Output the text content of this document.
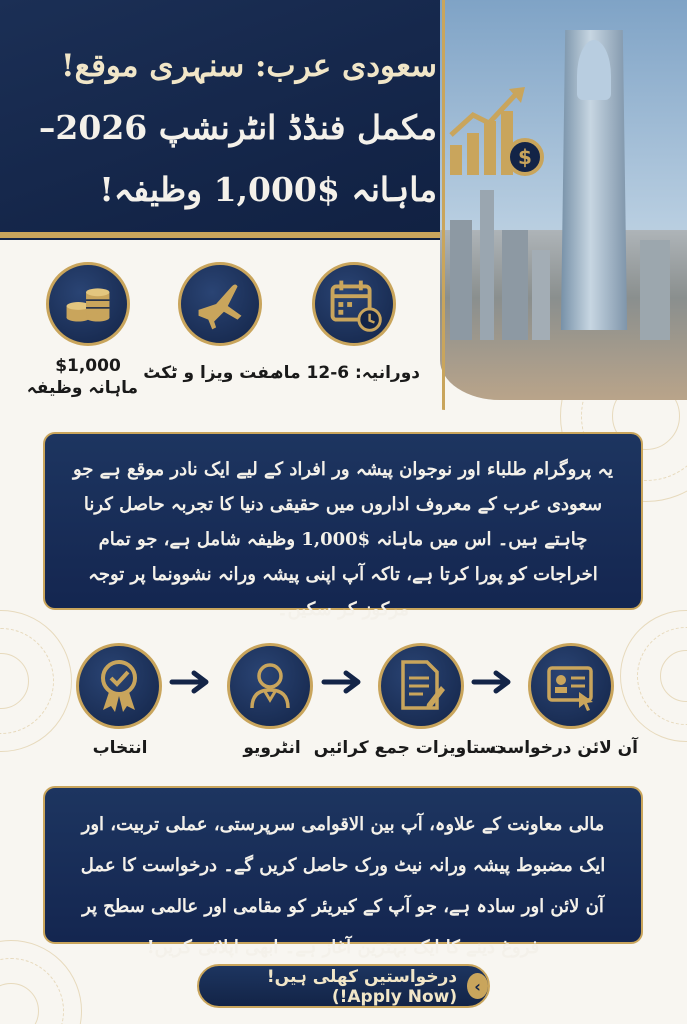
سعودی عرب: سنہری موقع!
مکمل فنڈڈ انٹرنشپ 2026–
ماہانہ $1,000 وظیفہ!
$
$1,000
ماہانہ وظیفہ
مفت ویزا و ٹکٹ
دورانیہ: 6-12 ماہ

یہ پروگرام طلباء اور نوجوان پیشہ ور افراد کے لیے ایک نادر موقع ہے جو سعودی عرب کے معروف اداروں میں حقیقی دنیا کا تجربہ حاصل کرنا چاہتے ہیں۔ اس میں ماہانہ $1,000 وظیفہ شامل ہے، جو تمام اخراجات کو پورا کرتا ہے، تاکہ آپ اپنی پیشہ ورانہ نشوونما پر توجہ مرکوز کر سکیں۔

آن لائن درخواست
دستاویزات جمع کرائیں
انٹرویو
انتخاب

مالی معاونت کے علاوہ، آپ بین الاقوامی سرپرستی، عملی تربیت، اور ایک مضبوط پیشہ ورانہ نیٹ ورک حاصل کریں گے۔ درخواست کا عمل آن لائن اور سادہ ہے، جو آپ کے کیریئر کو مقامی اور عالمی سطح پر فروغ دینے کا ایک بہترین آغاز ہے۔ ابھی اپلائی کریں!

درخواستیں کھلی ہیں! (Apply Now!)
‹
